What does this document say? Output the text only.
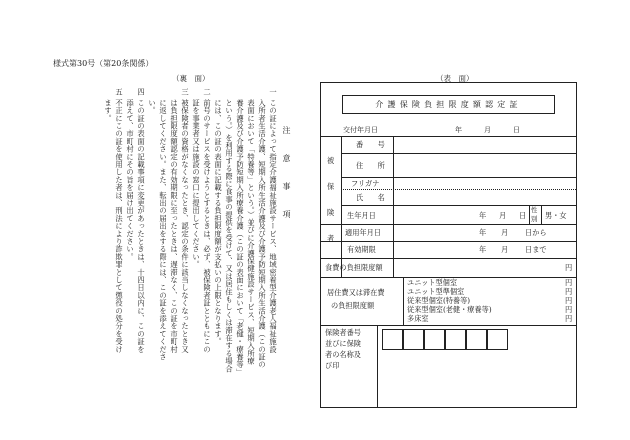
様式第30号（第20条関係）
（裏　面）	（表　面）
注　意　事　項
一
この証によって指定介護福祉施設サービス、地域密着型介護老人福祉施設
入所者生活介護、短期入所生活介護及び介護予防短期入所生活介護（この証の
表面において「特養等」という。）並びに介護保健施設サービス、短期入所療
養介護及び介護予防短期入所療養介護（この証の表面において「老健・療養等」
という。）を利用する際に食事の提供を受けて、又は居住もしくは滞在する場合
には、この証の表面に記載する負担限度額が支払いの上限となります。
二
前号のサービスを受けようとするときは、必ず、被保険者証とともにこの
証を事業者又は施設の窓口に提出してください。
三
被保険者の資格がなくなったとき、認定の条件に該当しなくなったとき又
は負担限度額認定の有効期限に至ったときは、遅滞なく、この証を市町村
に返してください。また、転出の届出をする際には、この証を添えてくださ
い。
四
この証の表面の記載事項に変更があったときは、十四日以内に、この証を
添えて、市町村にその旨を届け出てください。
五
不正にこの証を使用した者は、刑法により詐欺罪として懲役の処分を受け
ます。	介護保険負担限度額認定証
交付年月日	年	月	日
被
保
険
者
番　　号
住　　所
フリガナ
氏　　名
生年月日	年 月 日
性
別 男・女
適用年月日	年 月 日から
有効期限	年 月 日まで
食費の負担限度額	円
居住費又は滞在費
の負担限度額
ユニット型個室	円
ユニット型準個室	円
従来型個室(特養等)	円
従来型個室(老健・療養等)	円
多床室	円
保険者番号
並びに保険
者の名称及
び印
